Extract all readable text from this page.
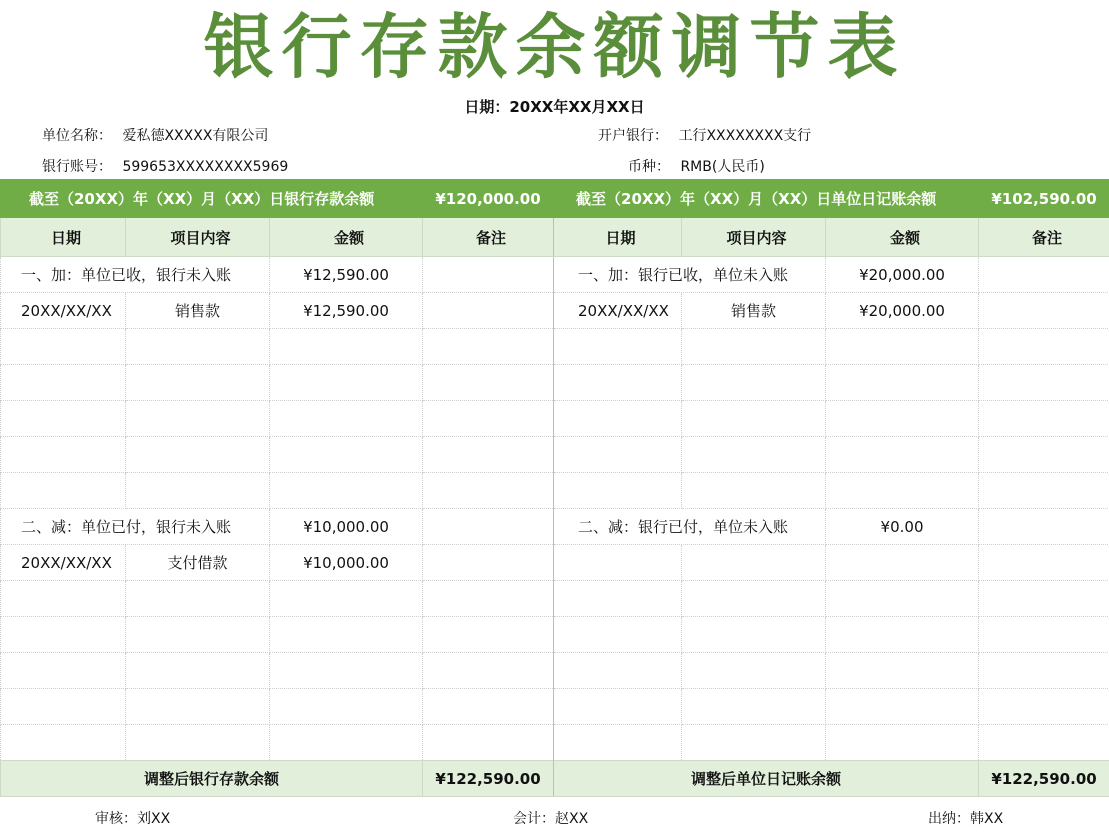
银行存款余额调节表
日期：20XX年XX月XX日
单位名称： 爱私德XXXXX有限公司	开户银行： 工行XXXXXXXX支行
银行账号： 599653XXXXXXXX5969	币种： RMB(人民币)
截至（20XX）年（XX）月（XX）日银行存款余额			¥120,000.00	截至（20XX）年（XX）月（XX）日单位日记账余额			¥102,590.00
日期	项目内容	金额	备注	日期	项目内容	金额	备注
一、加：单位已收，银行未入账		¥12,590.00		一、加：银行已收，单位未入账		¥20,000.00	
20XX/XX/XX	销售款	¥12,590.00		20XX/XX/XX	销售款	¥20,000.00	

二、减：单位已付，银行未入账		¥10,000.00		二、减：银行已付，单位未入账		¥0.00	
20XX/XX/XX	支付借款	¥10,000.00					

调整后银行存款余额			¥122,590.00	调整后单位日记账余额			¥122,590.00
审核：刘XX	会计：赵XX	出纳：韩XX
